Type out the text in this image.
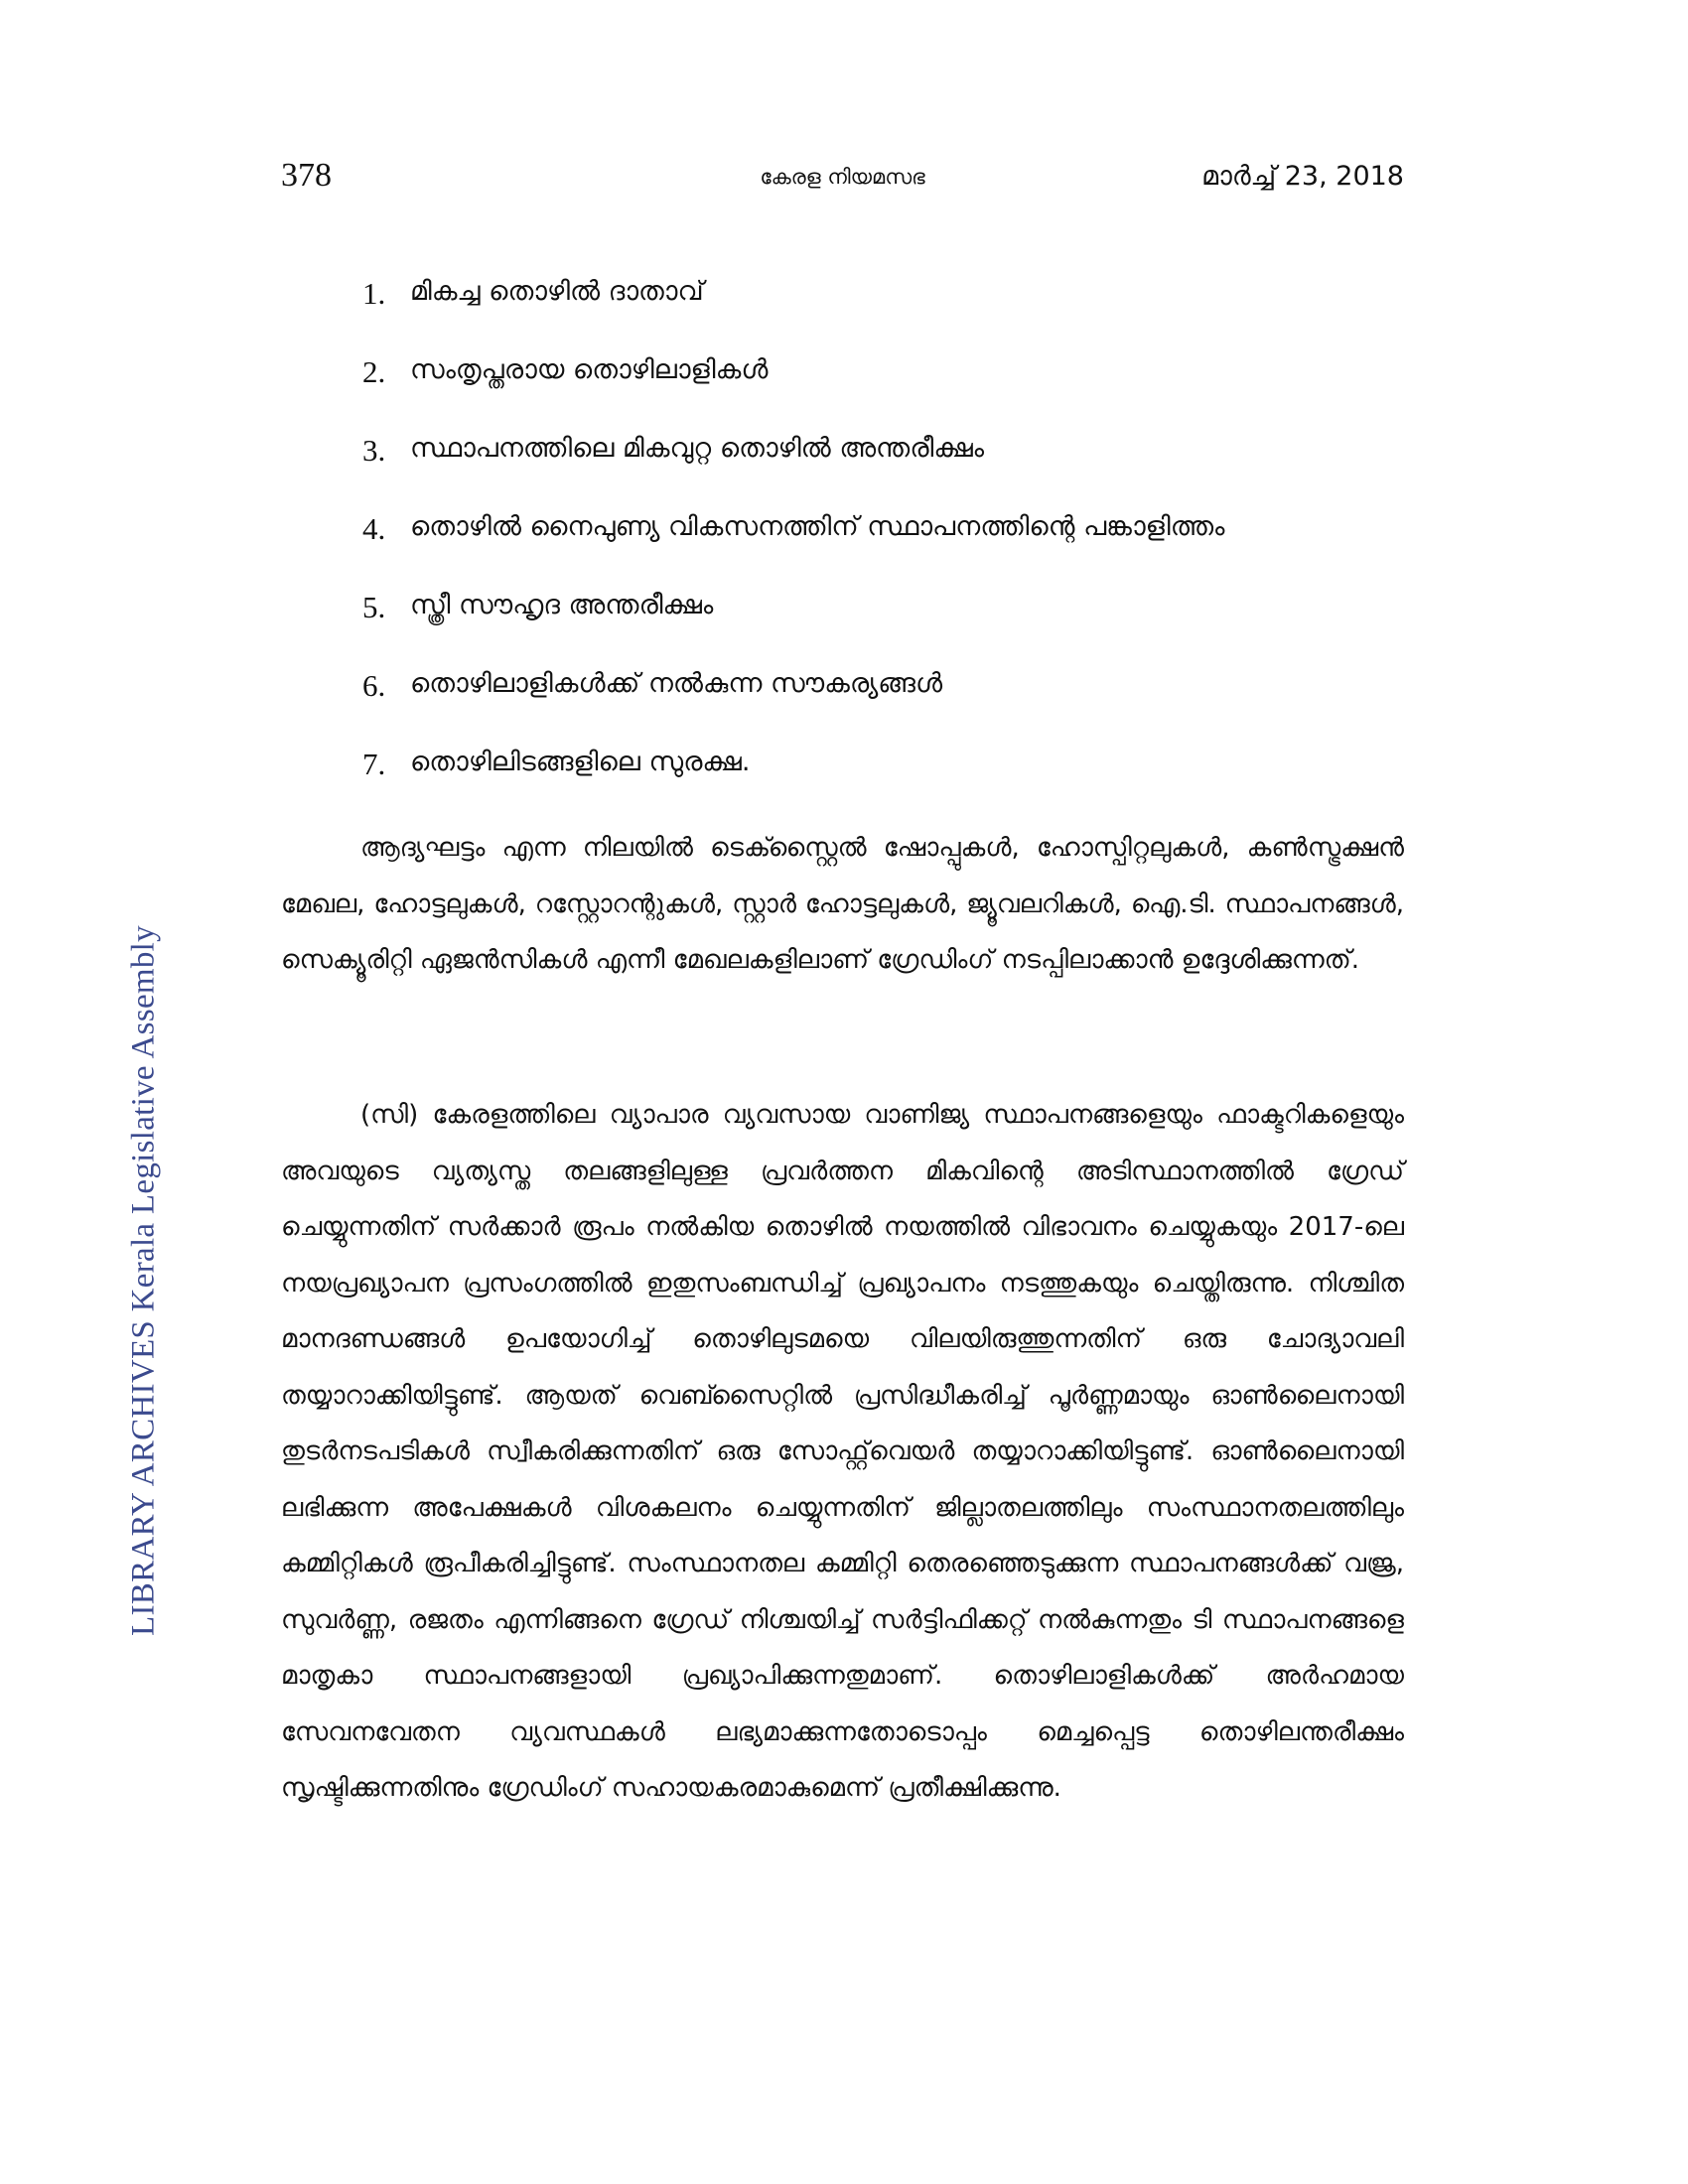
378	കേരള നിയമസഭ	മാർച്ച് 23, 2018
LIBRARY ARCHIVES Kerala Legislative Assembly
1. മികച്ച തൊഴിൽ ദാതാവ്
2. സംതൃപ്തരായ തൊഴിലാളികൾ
3. സ്ഥാപനത്തിലെ മികവുറ്റ തൊഴിൽ അന്തരീക്ഷം
4. തൊഴിൽ നൈപുണ്യ വികസനത്തിന് സ്ഥാപനത്തിന്റെ പങ്കാളിത്തം
5. സ്ത്രീ സൗഹൃദ അന്തരീക്ഷം
6. തൊഴിലാളികൾക്ക് നൽകുന്ന സൗകര്യങ്ങൾ
7. തൊഴിലിടങ്ങളിലെ സുരക്ഷ.

ആദ്യഘട്ടം എന്ന നിലയിൽ ടെക്സ്റ്റൈൽ ഷോപ്പുകൾ, ഹോസ്പിറ്റലുകൾ, കൺസ്ട്രക്ഷൻ മേഖല, ഹോട്ടലുകൾ, റസ്റ്റോറന്റുകൾ, സ്റ്റാർ ഹോട്ടലുകൾ, ജ്യൂവലറികൾ, ഐ.ടി. സ്ഥാപനങ്ങൾ, സെക്യൂരിറ്റി ഏജൻസികൾ എന്നീ മേഖലകളിലാണ് ഗ്രേഡിംഗ് നടപ്പിലാക്കാൻ ഉദ്ദേശിക്കുന്നത്.

(സി) കേരളത്തിലെ വ്യാപാര വ്യവസായ വാണിജ്യ സ്ഥാപനങ്ങളെയും ഫാക്ടറികളെയും അവയുടെ വ്യത്യസ്ത തലങ്ങളിലുള്ള പ്രവർത്തന മികവിന്റെ അടിസ്ഥാനത്തിൽ ഗ്രേഡ് ചെയ്യുന്നതിന് സർക്കാർ രൂപം നൽകിയ തൊഴിൽ നയത്തിൽ വിഭാവനം ചെയ്യുകയും 2017-ലെ നയപ്രഖ്യാപന പ്രസംഗത്തിൽ ഇതുസംബന്ധിച്ച് പ്രഖ്യാപനം നടത്തുകയും ചെയ്തിരുന്നു. നിശ്ചിത മാനദണ്ഡങ്ങൾ ഉപയോഗിച്ച് തൊഴിലുടമയെ വിലയിരുത്തുന്നതിന് ഒരു ചോദ്യാവലി തയ്യാറാക്കിയിട്ടുണ്ട്. ആയത് വെബ്സൈറ്റിൽ പ്രസിദ്ധീകരിച്ച് പൂർണ്ണമായും ഓൺലൈനായി തുടർനടപടികൾ സ്വീകരിക്കുന്നതിന് ഒരു സോഫ്റ്റ്‌വെയർ തയ്യാറാക്കിയിട്ടുണ്ട്. ഓൺലൈനായി ലഭിക്കുന്ന അപേക്ഷകൾ വിശകലനം ചെയ്യുന്നതിന് ജില്ലാതലത്തിലും സംസ്ഥാനതലത്തിലും കമ്മിറ്റികൾ രൂപീകരിച്ചിട്ടുണ്ട്. സംസ്ഥാനതല കമ്മിറ്റി തെരഞ്ഞെടുക്കുന്ന സ്ഥാപനങ്ങൾക്ക് വജ്ര, സുവർണ്ണ, രജതം എന്നിങ്ങനെ ഗ്രേഡ് നിശ്ചയിച്ച് സർട്ടിഫിക്കറ്റ് നൽകുന്നതും ടി സ്ഥാപനങ്ങളെ മാതൃകാ സ്ഥാപനങ്ങളായി പ്രഖ്യാപിക്കുന്നതുമാണ്. തൊഴിലാളികൾക്ക് അർഹമായ സേവനവേതന വ്യവസ്ഥകൾ ലഭ്യമാക്കുന്നതോടൊപ്പം മെച്ചപ്പെട്ട തൊഴിലന്തരീക്ഷം സൃഷ്ടിക്കുന്നതിനും ഗ്രേഡിംഗ് സഹായകരമാകുമെന്ന് പ്രതീക്ഷിക്കുന്നു.
